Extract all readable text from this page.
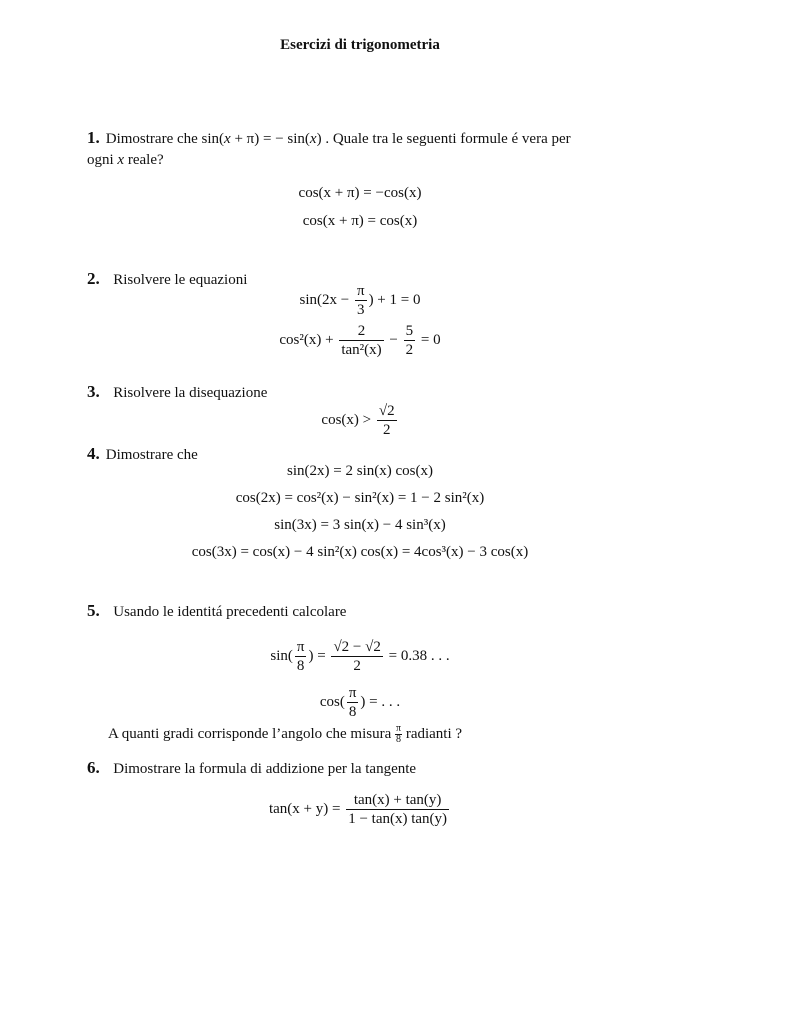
Esercizi di trigonometria
1. Dimostrare che sin(x + π) = − sin(x) . Quale tra le seguenti formule é vera per
ogni x reale?
cos(x + π) = −cos(x)
cos(x + π) = cos(x)
2. Risolvere le equazioni
$\sin(2x - \frac{\pi}{3}$ ) + 1 = 0
$\cos^2(x) + \frac{2}{\text{tan²(x)}} - \frac{5}{2} = 0$
3. Risolvere la disequazione
$\cos(x) > \frac{√2}{2}$
4. Dimostrare che
sin(2x) = 2 sin(x) cos(x)
cos(2x) = cos²(x) − sin²(x) = 1 − 2 sin²(x)
sin(3x) = 3 sin(x) − 4 sin³(x)
cos(3x) = cos(x) − 4 sin²(x) cos(x) = 4cos³(x) − 3 cos(x)
5. Usando le identitá precedenti calcolare
$\sin( \frac{\pi}{8}$ ) = $\frac{√2 - √2}{2} = 0.38$ . . .
$\cos( \frac{\pi}{8}$ ) = . . .
A quanti gradi corrisponde l’angolo che misura $\frac{\pi}{8}$ radianti ?
6. Dimostrare la formula di addizione per la tangente
$\tan(x + y) = \frac{\tan(x) + \tan(y)}{1 - \tan(x) \tan(y)}$
